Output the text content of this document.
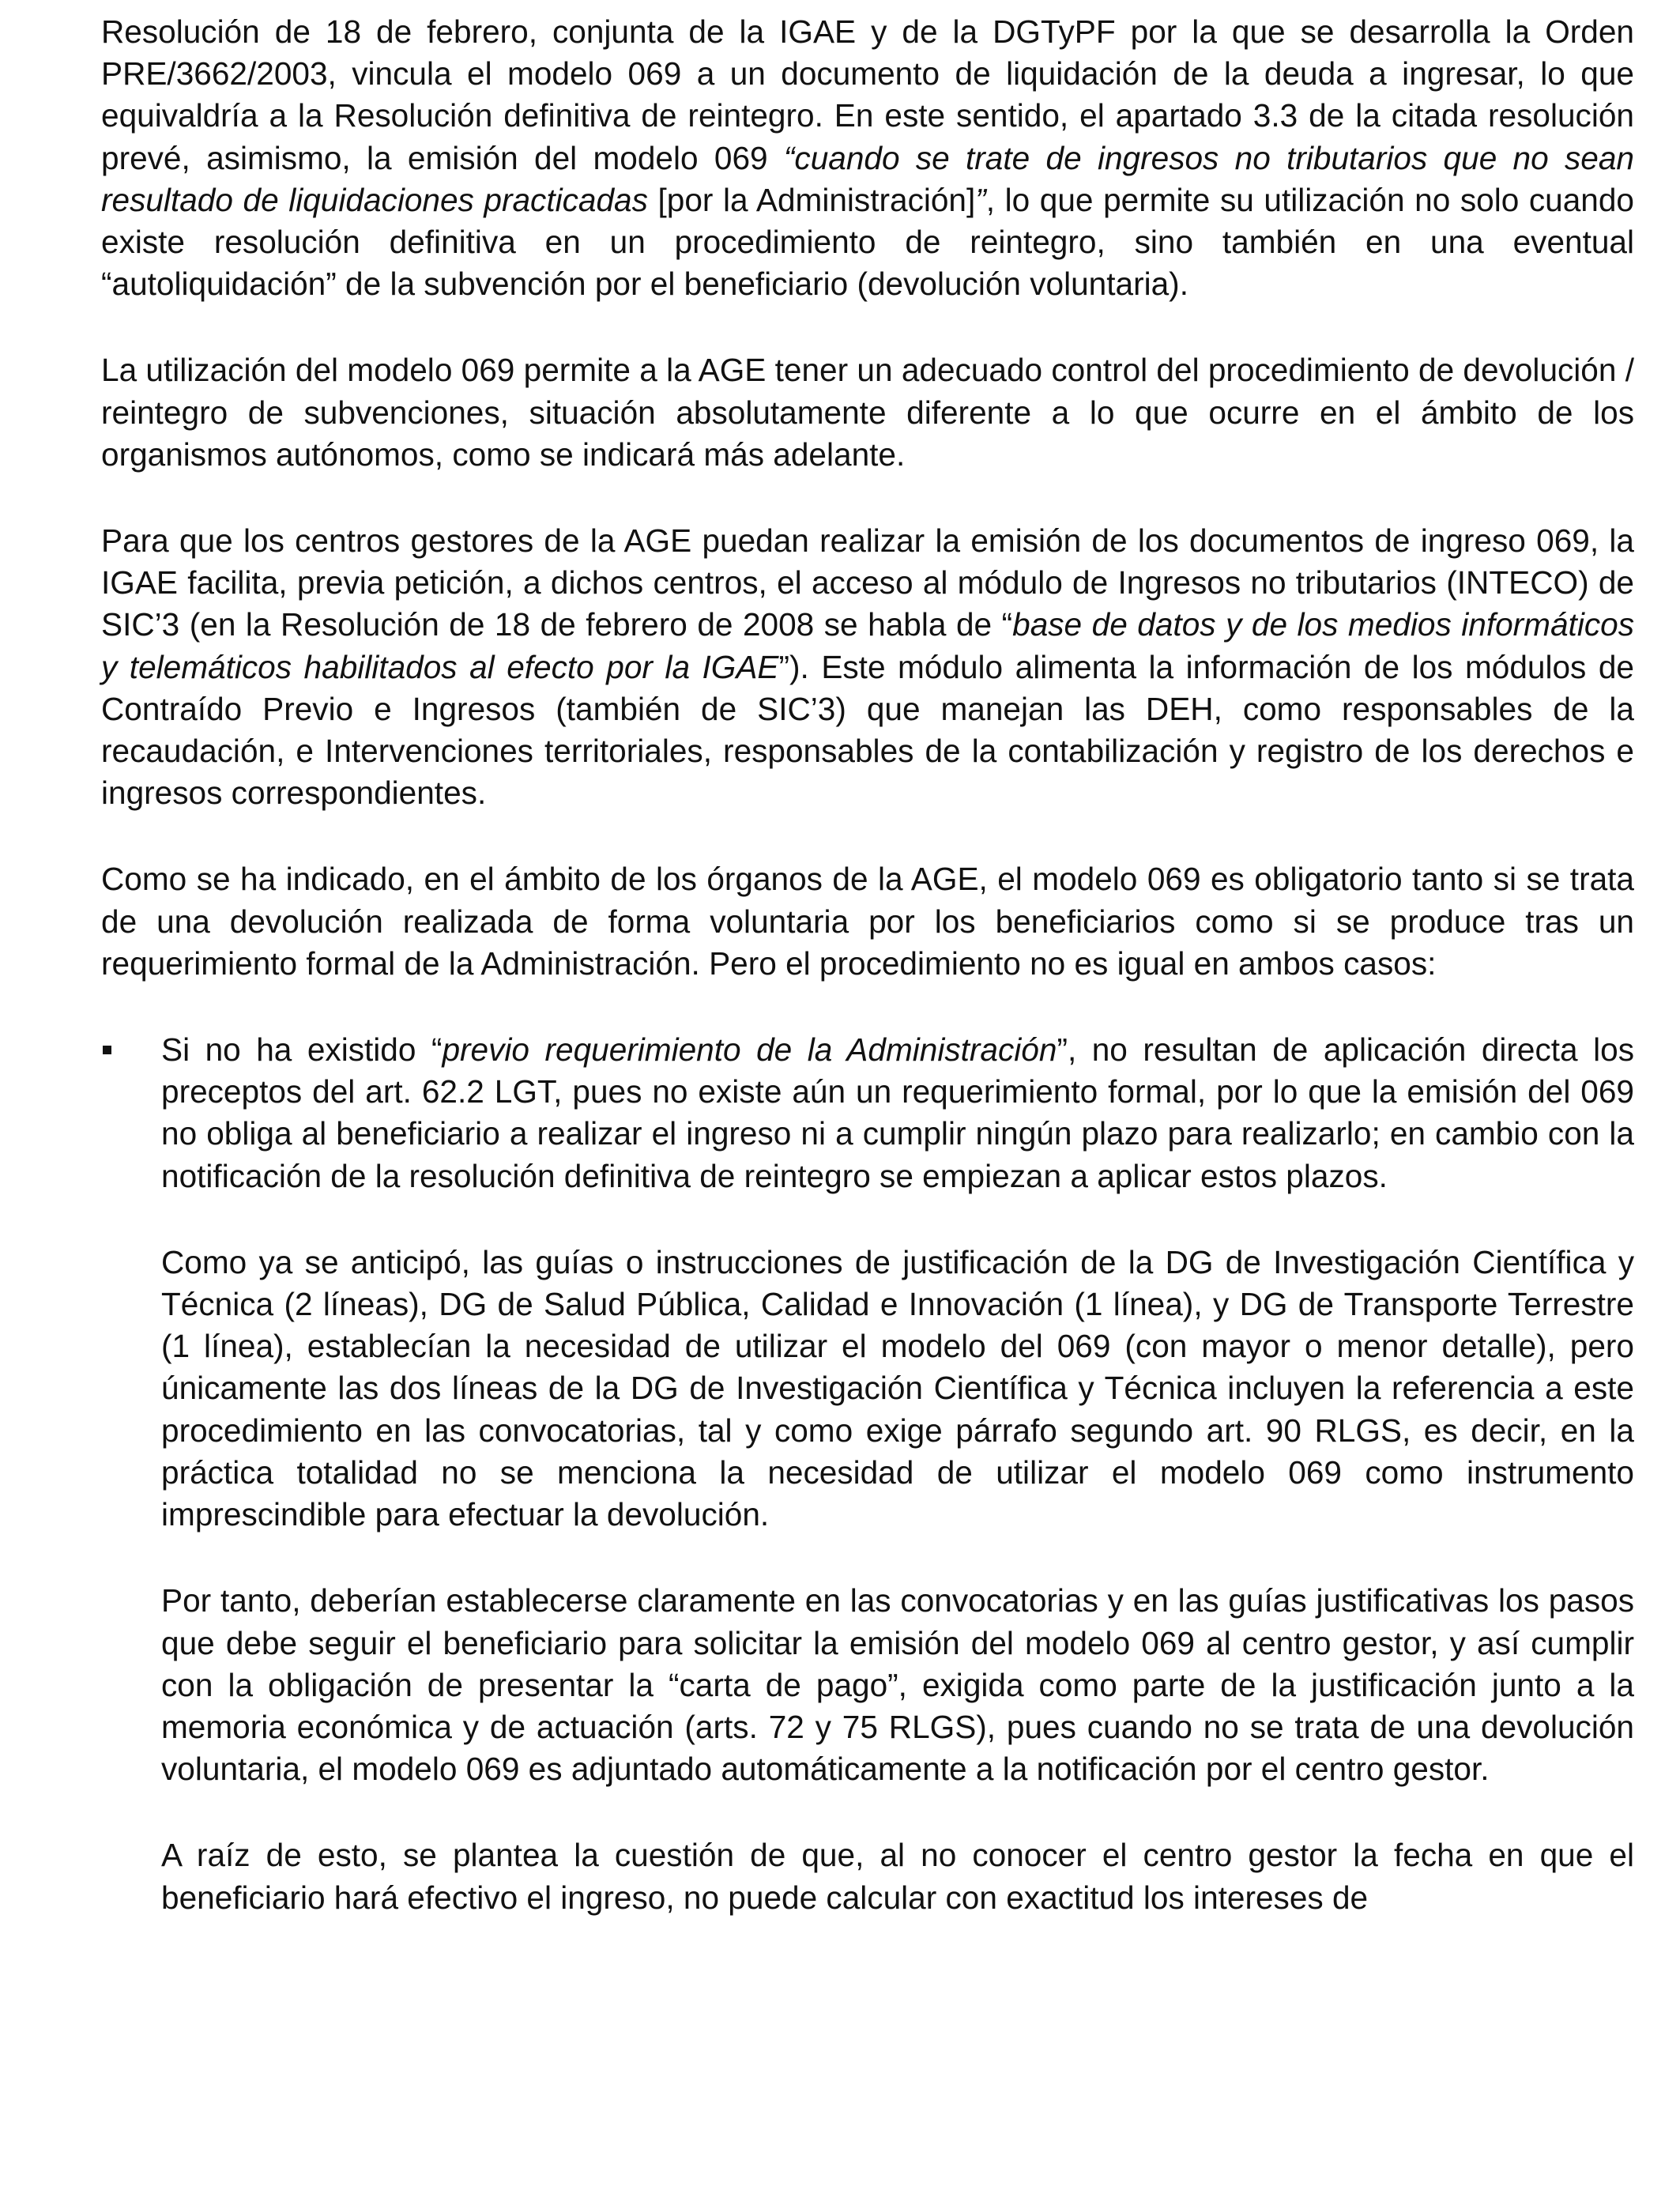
Resolución de 18 de febrero, conjunta de la IGAE y de la DGTyPF por la que se desarrolla la Orden PRE/3662/2003, vincula el modelo 069 a un documento de liquidación de la deuda a ingresar, lo que equivaldría a la Resolución definitiva de reintegro. En este sentido, el apartado 3.3 de la citada resolución prevé, asimismo, la emisión del modelo 069 “cuando se trate de ingresos no tributarios que no sean resultado de liquidaciones practicadas [por la Administración]”, lo que permite su utilización no solo cuando existe resolución definitiva en un procedimiento de reintegro, sino también en una eventual “autoliquidación” de la subvención por el beneficiario (devolución voluntaria).

La utilización del modelo 069 permite a la AGE tener un adecuado control del procedimiento de devolución / reintegro de subvenciones, situación absolutamente diferente a lo que ocurre en el ámbito de los organismos autónomos, como se indicará más adelante.

Para que los centros gestores de la AGE puedan realizar la emisión de los documentos de ingreso 069, la IGAE facilita, previa petición, a dichos centros, el acceso al módulo de Ingresos no tributarios (INTECO) de SIC’3 (en la Resolución de 18 de febrero de 2008 se habla de “base de datos y de los medios informáticos y telemáticos habilitados al efecto por la IGAE”). Este módulo alimenta la información de los módulos de Contraído Previo e Ingresos (también de SIC’3) que manejan las DEH, como responsables de la recaudación, e Intervenciones territoriales, responsables de la contabilización y registro de los derechos e ingresos correspondientes.

Como se ha indicado, en el ámbito de los órganos de la AGE, el modelo 069 es obligatorio tanto si se trata de una devolución realizada de forma voluntaria por los beneficiarios como si se produce tras un requerimiento formal de la Administración. Pero el procedimiento no es igual en ambos casos:

Si no ha existido “previo requerimiento de la Administración”, no resultan de aplicación directa los preceptos del art. 62.2 LGT, pues no existe aún un requerimiento formal, por lo que la emisión del 069 no obliga al beneficiario a realizar el ingreso ni a cumplir ningún plazo para realizarlo; en cambio con la notificación de la resolución definitiva de reintegro se empiezan a aplicar estos plazos.

Como ya se anticipó, las guías o instrucciones de justificación de la DG de Investigación Científica y Técnica (2 líneas), DG de Salud Pública, Calidad e Innovación (1 línea), y DG de Transporte Terrestre (1 línea), establecían la necesidad de utilizar el modelo del 069 (con mayor o menor detalle), pero únicamente las dos líneas de la DG de Investigación Científica y Técnica incluyen la referencia a este procedimiento en las convocatorias, tal y como exige párrafo segundo art. 90 RLGS, es decir, en la práctica totalidad no se menciona la necesidad de utilizar el modelo 069 como instrumento imprescindible para efectuar la devolución.

Por tanto, deberían establecerse claramente en las convocatorias y en las guías justificativas los pasos que debe seguir el beneficiario para solicitar la emisión del modelo 069 al centro gestor, y así cumplir con la obligación de presentar la “carta de pago”, exigida como parte de la justificación junto a la memoria económica y de actuación (arts. 72 y 75 RLGS), pues cuando no se trata de una devolución voluntaria, el modelo 069 es adjuntado automáticamente a la notificación por el centro gestor.

A raíz de esto, se plantea la cuestión de que, al no conocer el centro gestor la fecha en que el beneficiario hará efectivo el ingreso, no puede calcular con exactitud los intereses de
